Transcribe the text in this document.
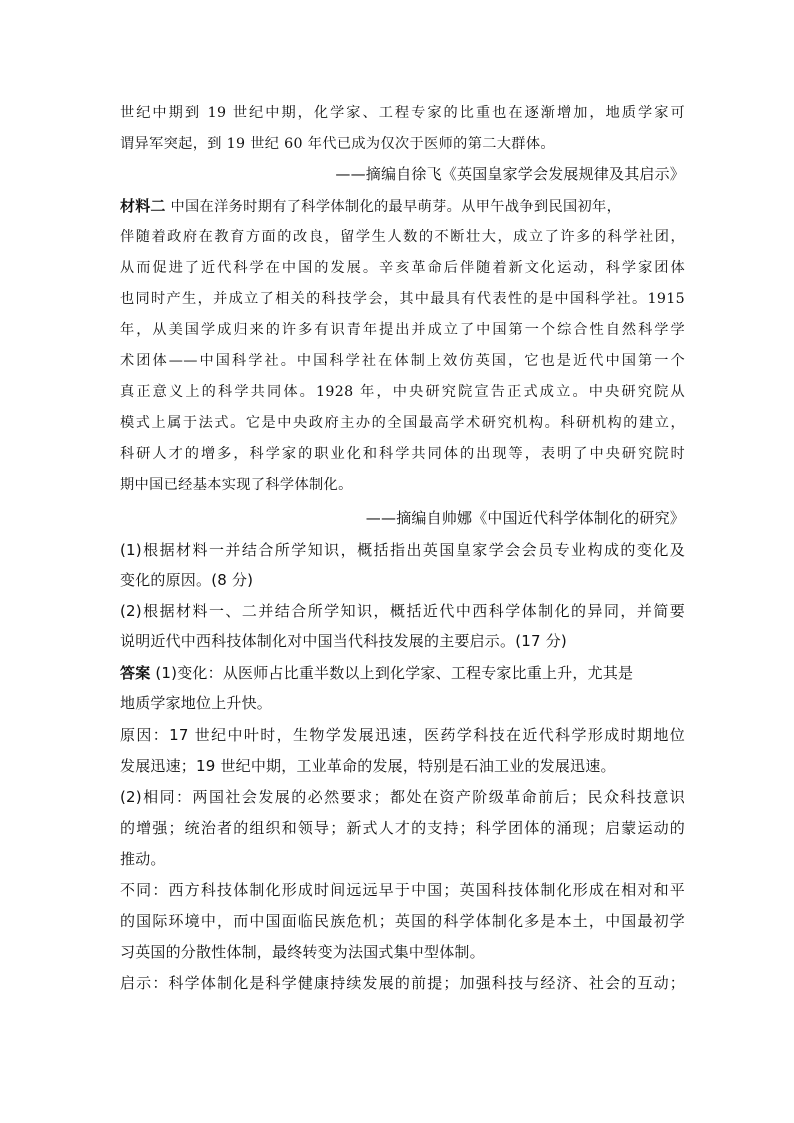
世纪中期到 19 世纪中期，化学家、工程专家的比重也在逐渐增加，地质学家可
谓异军突起，到 19 世纪 60 年代已成为仅次于医师的第二大群体。
——摘编自徐飞《英国皇家学会发展规律及其启示》
材料二 中国在洋务时期有了科学体制化的最早萌芽。从甲午战争到民国初年，
伴随着政府在教育方面的改良，留学生人数的不断壮大，成立了许多的科学社团，
从而促进了近代科学在中国的发展。辛亥革命后伴随着新文化运动，科学家团体
也同时产生，并成立了相关的科技学会，其中最具有代表性的是中国科学社。1915
年，从美国学成归来的许多有识青年提出并成立了中国第一个综合性自然科学学
术团体——中国科学社。中国科学社在体制上效仿英国，它也是近代中国第一个
真正意义上的科学共同体。1928 年，中央研究院宣告正式成立。中央研究院从
模式上属于法式。它是中央政府主办的全国最高学术研究机构。科研机构的建立，
科研人才的增多，科学家的职业化和科学共同体的出现等，表明了中央研究院时
期中国已经基本实现了科学体制化。
——摘编自帅娜《中国近代科学体制化的研究》
(1)根据材料一并结合所学知识，概括指出英国皇家学会会员专业构成的变化及
变化的原因。(8 分)
(2)根据材料一、二并结合所学知识，概括近代中西科学体制化的异同，并简要
说明近代中西科技体制化对中国当代科技发展的主要启示。(17 分)
答案 (1)变化：从医师占比重半数以上到化学家、工程专家比重上升，尤其是
地质学家地位上升快。
原因：17 世纪中叶时，生物学发展迅速，医药学科技在近代科学形成时期地位
发展迅速；19 世纪中期，工业革命的发展，特别是石油工业的发展迅速。
(2)相同：两国社会发展的必然要求；都处在资产阶级革命前后；民众科技意识
的增强；统治者的组织和领导；新式人才的支持；科学团体的涌现；启蒙运动的
推动。
不同：西方科技体制化形成时间远远早于中国；英国科技体制化形成在相对和平
的国际环境中，而中国面临民族危机；英国的科学体制化多是本土，中国最初学
习英国的分散性体制，最终转变为法国式集中型体制。
启示：科学体制化是科学健康持续发展的前提；加强科技与经济、社会的互动；
